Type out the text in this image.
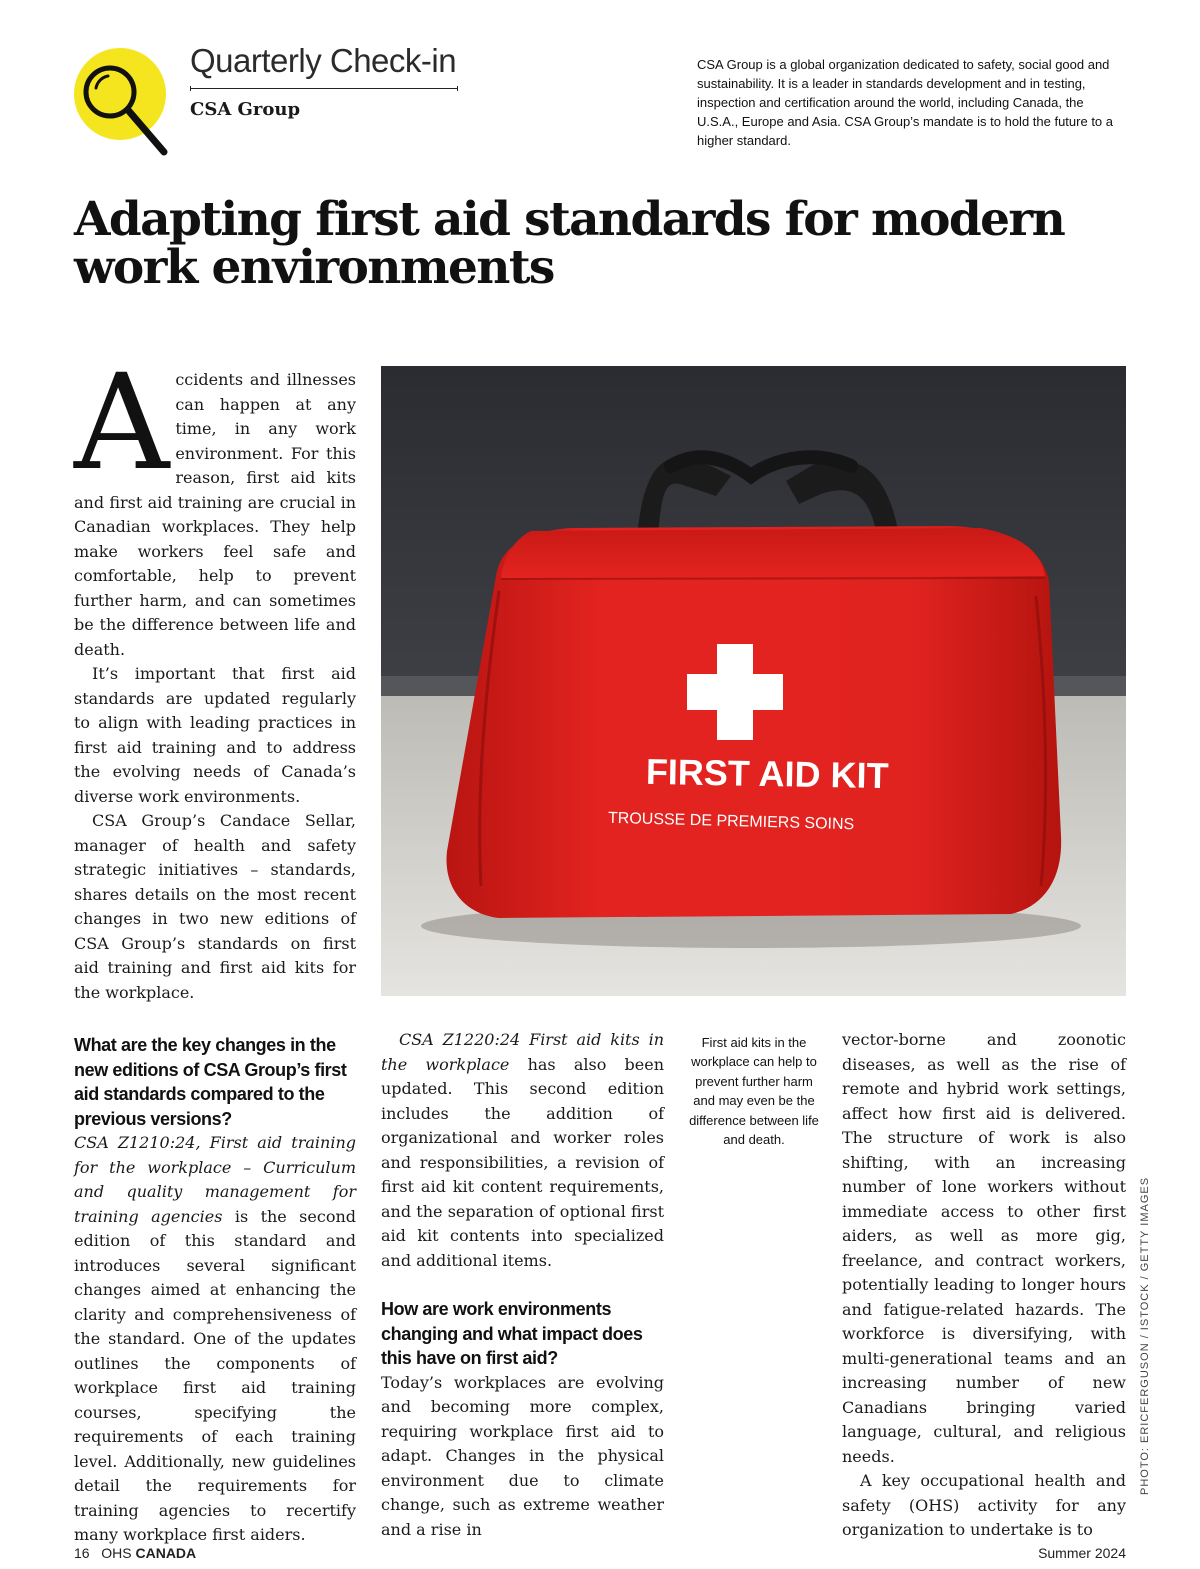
Quarterly Check-in
CSA Group
CSA Group is a global organization dedicated to safety, social good and sustainability. It is a leader in standards development and in testing, inspection and certification around the world, including Canada, the U.S.A., Europe and Asia. CSA Group’s mandate is to hold the future to a higher standard.
Adapting first aid standards for modern work environments

Accidents and illnesses can happen at any time, in any work environment. For this reason, first aid kits and first aid training are crucial in Canadian workplaces. They help make workers feel safe and comfortable, help to prevent further harm, and can sometimes be the difference between life and death.

It’s important that first aid standards are updated regularly to align with leading practices in first aid training and to address the evolving needs of Canada’s diverse work environments.

CSA Group’s Candace Sellar, manager of health and safety strategic initiatives – standards, shares details on the most recent changes in two new editions of CSA Group’s standards on first aid training and first aid kits for the workplace.

What are the key changes in the new editions of CSA Group’s first aid standards compared to the previous versions?

CSA Z1210:24, First aid training for the workplace – Curriculum and quality management for training agencies is the second edition of this standard and introduces several significant changes aimed at enhancing the clarity and comprehensiveness of the standard. One of the updates outlines the components of workplace first aid training courses, specifying the requirements of each training level. Additionally, new guidelines detail the requirements for training agencies to recertify many workplace first aiders.

FIRST AID KIT
TROUSSE DE PREMIERS SOINS

CSA Z1220:24 First aid kits in the workplace has also been updated. This second edition includes the addition of organizational and worker roles and responsibilities, a revision of first aid kit content requirements, and the separation of optional first aid kit contents into specialized and additional items.

How are work environments changing and what impact does this have on first aid?

Today’s workplaces are evolving and becoming more complex, requiring workplace first aid to adapt. Changes in the physical environment due to climate change, such as extreme weather and a rise in

First aid kits in the workplace can help to prevent further harm and may even be the difference between life and death.

vector-borne and zoonotic diseases, as well as the rise of remote and hybrid work settings, affect how first aid is delivered. The structure of work is also shifting, with an increasing number of lone workers without immediate access to other first aiders, as well as more gig, freelance, and contract workers, potentially leading to longer hours and fatigue-related hazards. The workforce is diversifying, with multi-generational teams and an increasing number of new Canadians bringing varied language, cultural, and religious needs.

A key occupational health and safety (OHS) activity for any organization to undertake is to

PHOTO: ERICFERGUSON / ISTOCK / GETTY IMAGES
16 OHS CANADA	Summer 2024
